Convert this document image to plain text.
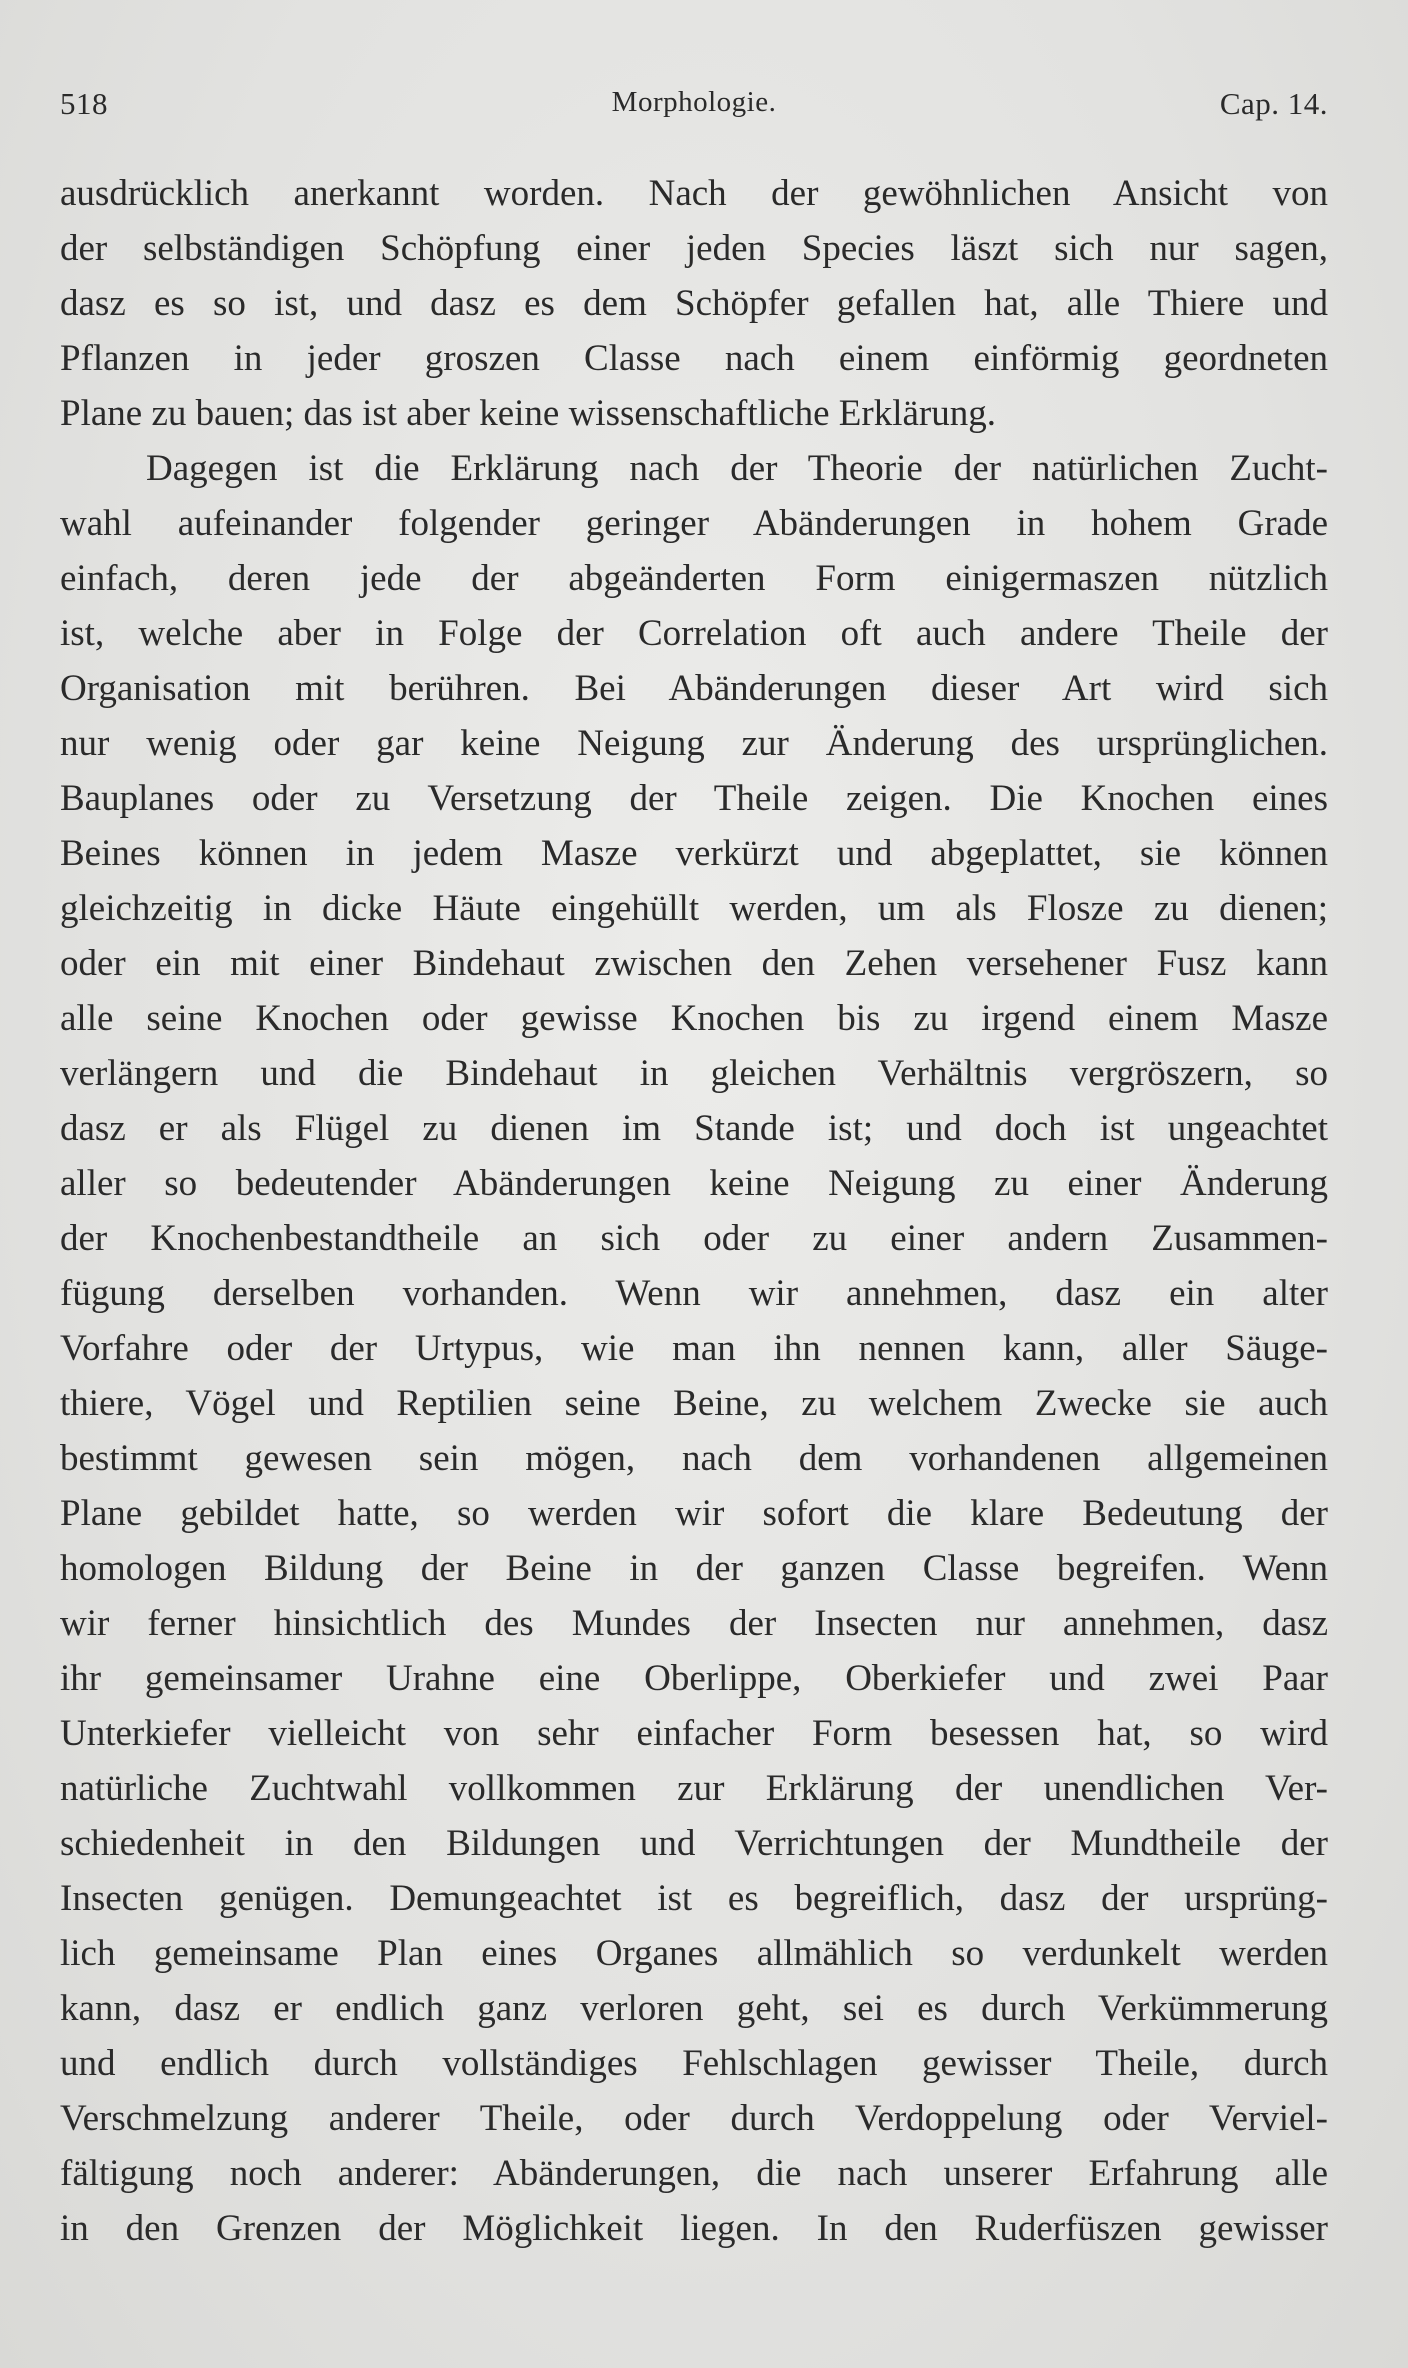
518	Morphologie.	Cap. 14.
ausdrücklich anerkannt worden. Nach der gewöhnlichen Ansicht von
der selbständigen Schöpfung einer jeden Species läszt sich nur sagen,
dasz es so ist, und dasz es dem Schöpfer gefallen hat, alle Thiere und
Pflanzen in jeder groszen Classe nach einem einförmig geordneten
Plane zu bauen; das ist aber keine wissenschaftliche Erklärung.
Dagegen ist die Erklärung nach der Theorie der natürlichen Zucht-
wahl aufeinander folgender geringer Abänderungen in hohem Grade
einfach, deren jede der abgeänderten Form einigermaszen nützlich
ist, welche aber in Folge der Correlation oft auch andere Theile der
Organisation mit berühren. Bei Abänderungen dieser Art wird sich
nur wenig oder gar keine Neigung zur Änderung des ursprünglichen.
Bauplanes oder zu Versetzung der Theile zeigen. Die Knochen eines
Beines können in jedem Masze verkürzt und abgeplattet, sie können
gleichzeitig in dicke Häute eingehüllt werden, um als Flosze zu dienen;
oder ein mit einer Bindehaut zwischen den Zehen versehener Fusz kann
alle seine Knochen oder gewisse Knochen bis zu irgend einem Masze
verlängern und die Bindehaut in gleichen Verhältnis vergröszern, so
dasz er als Flügel zu dienen im Stande ist; und doch ist ungeachtet
aller so bedeutender Abänderungen keine Neigung zu einer Änderung
der Knochenbestandtheile an sich oder zu einer andern Zusammen-
fügung derselben vorhanden. Wenn wir annehmen, dasz ein alter
Vorfahre oder der Urtypus, wie man ihn nennen kann, aller Säuge-
thiere, Vögel und Reptilien seine Beine, zu welchem Zwecke sie auch
bestimmt gewesen sein mögen, nach dem vorhandenen allgemeinen
Plane gebildet hatte, so werden wir sofort die klare Bedeutung der
homologen Bildung der Beine in der ganzen Classe begreifen. Wenn
wir ferner hinsichtlich des Mundes der Insecten nur annehmen, dasz
ihr gemeinsamer Urahne eine Oberlippe, Oberkiefer und zwei Paar
Unterkiefer vielleicht von sehr einfacher Form besessen hat, so wird
natürliche Zuchtwahl vollkommen zur Erklärung der unendlichen Ver-
schiedenheit in den Bildungen und Verrichtungen der Mundtheile der
Insecten genügen. Demungeachtet ist es begreiflich, dasz der ursprüng-
lich gemeinsame Plan eines Organes allmählich so verdunkelt werden
kann, dasz er endlich ganz verloren geht, sei es durch Verkümmerung
und endlich durch vollständiges Fehlschlagen gewisser Theile, durch
Verschmelzung anderer Theile, oder durch Verdoppelung oder Verviel-
fältigung noch anderer: Abänderungen, die nach unserer Erfahrung alle
in den Grenzen der Möglichkeit liegen. In den Ruderfüszen gewisser
